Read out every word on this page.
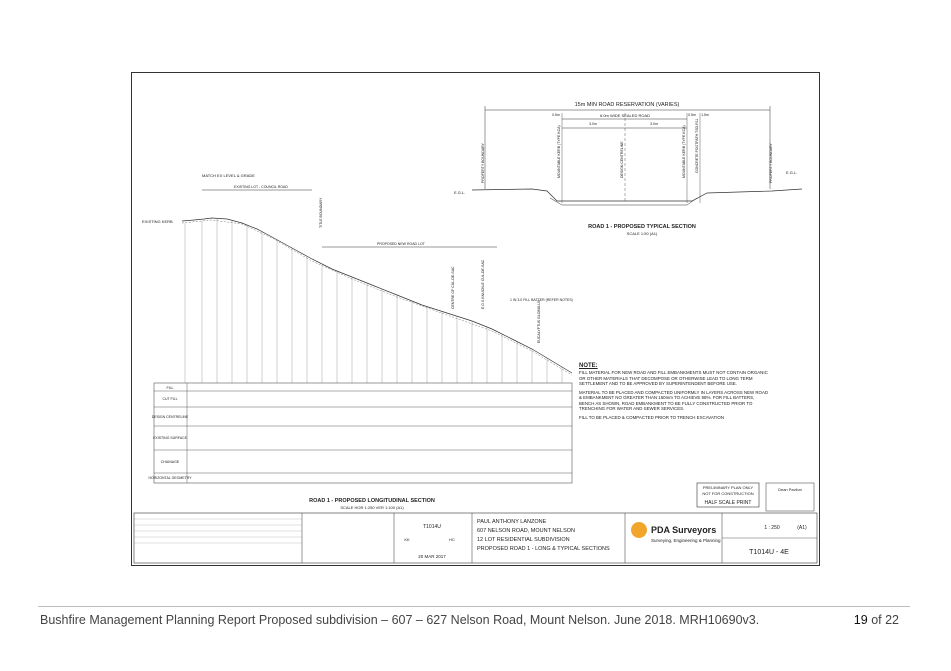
15m MIN ROAD RESERVATION (VARIES)
6.0m WIDE SEALED ROAD
0.5m
3.0m	3.0m
0.5m 1.5m
PROPERTY BOUNDARY	PROPERTY BOUNDARY
MOUNTABLE KERB (TYPE KCA)	DESIGN CENTRELINE	MOUNTABLE KERB (TYPE KCA)	CONCRETE FOOTPATH TSD-R11
E.G.L.
E.G.L.
ROAD 1 - PROPOSED TYPICAL SECTION
SCALE 1:50 (A1)
MATCH EX LEVEL & GRADE
EXISTING KERB
EXISTING LOT - COUNCIL ROAD
TITLE BOUNDARY
PROPOSED NEW ROAD LOT
CENTRE OF CUL-DE-SAC	E.O.S KNUCKLE CUL-DE-SAC	1 IN 3.0 FILL BATTER (REFER NOTES)
EUCALYPTUS GLOBULUS
FILL
CUT FILL
DESIGN CENTRELINE
EXISTING SURFACE
CHAINAGE
HORIZONTAL GEOMETRY
ROAD 1 - PROPOSED LONGITUDINAL SECTION
SCALE HOR 1:250 VER 1:100 (A1)
PRELIMINARY PLAN ONLY
NOT FOR CONSTRUCTION
HALF SCALE PRINT
Dean Pavlion
T1014U
KK	HC
20 MAR 2017
PAUL ANTHONY LANZONE
607 NELSON ROAD, MOUNT NELSON
12 LOT RESIDENTIAL SUBDIVISION
PROPOSED ROAD 1 - LONG & TYPICAL SECTIONS
PDA Surveyors
Surveying, Engineering & Planning
1 : 250	(A1)
T1014U - 4E
NOTE:

FILL MATERIAL FOR NEW ROAD AND FILL EMBANKMENTS MUST NOT CONTAIN ORGANIC OR OTHER MATERIALS THAT DECOMPOSE OR OTHERWISE LEAD TO LONG TERM SETTLEMENT AND TO BE APPROVED BY SUPERINTENDENT BEFORE USE.

MATERIAL TO BE PLACED AND COMPACTED UNIFORMLY IN LAYERS ACROSS NEW ROAD & EMBANKMENT NO GREATER THAN 150mm TO ACHIEVE 98%. FOR FILL BATTERS, BENCH AS SHOWN, ROAD EMBANKMENT TO BE FULLY CONSTRUCTED PRIOR TO TRENCHING FOR WATER AND SEWER SERVICES.

FILL TO BE PLACED & COMPACTED PRIOR TO TRENCH EXCAVATION

Bushfire Management Planning Report Proposed subdivision – 607 – 627 Nelson Road, Mount Nelson. June 2018. MRH10690v3.	19 of 22
